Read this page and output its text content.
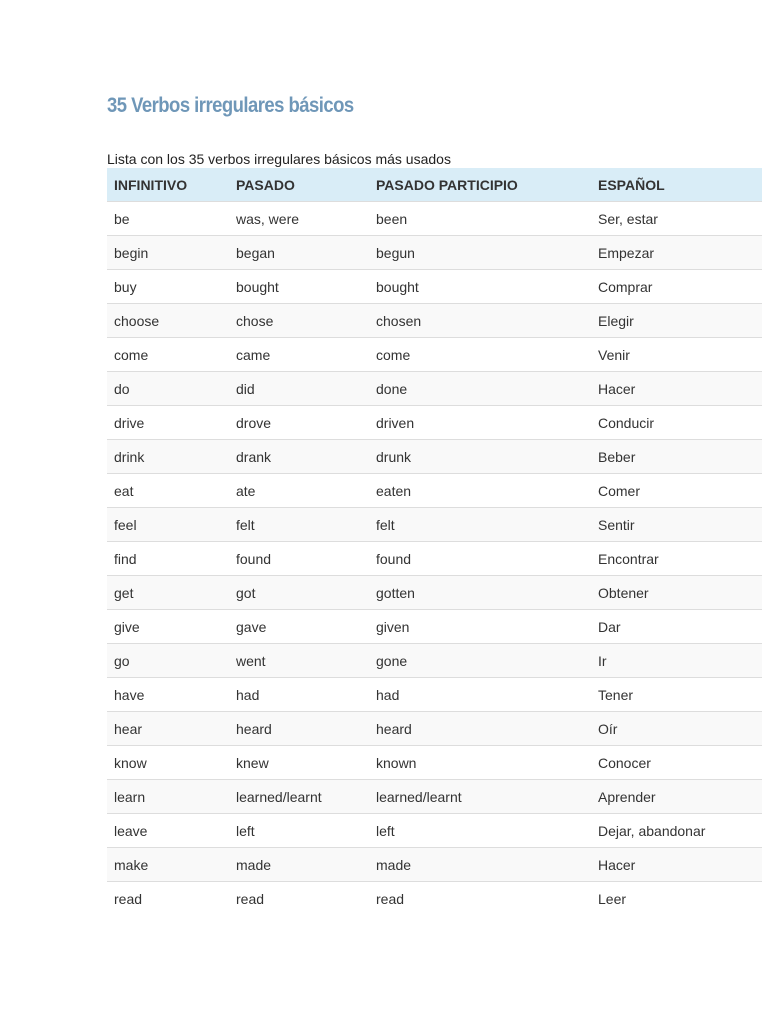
35 Verbos irregulares básicos
Lista con los 35 verbos irregulares básicos más usados
INFINITIVO	PASADO	PASADO PARTICIPIO	ESPAÑOL
be	was, were	been	Ser, estar
begin	began	begun	Empezar
buy	bought	bought	Comprar
choose	chose	chosen	Elegir
come	came	come	Venir
do	did	done	Hacer
drive	drove	driven	Conducir
drink	drank	drunk	Beber
eat	ate	eaten	Comer
feel	felt	felt	Sentir
find	found	found	Encontrar
get	got	gotten	Obtener
give	gave	given	Dar
go	went	gone	Ir
have	had	had	Tener
hear	heard	heard	Oír
know	knew	known	Conocer
learn	learned/learnt	learned/learnt	Aprender
leave	left	left	Dejar, abandonar
make	made	made	Hacer
read	read	read	Leer
